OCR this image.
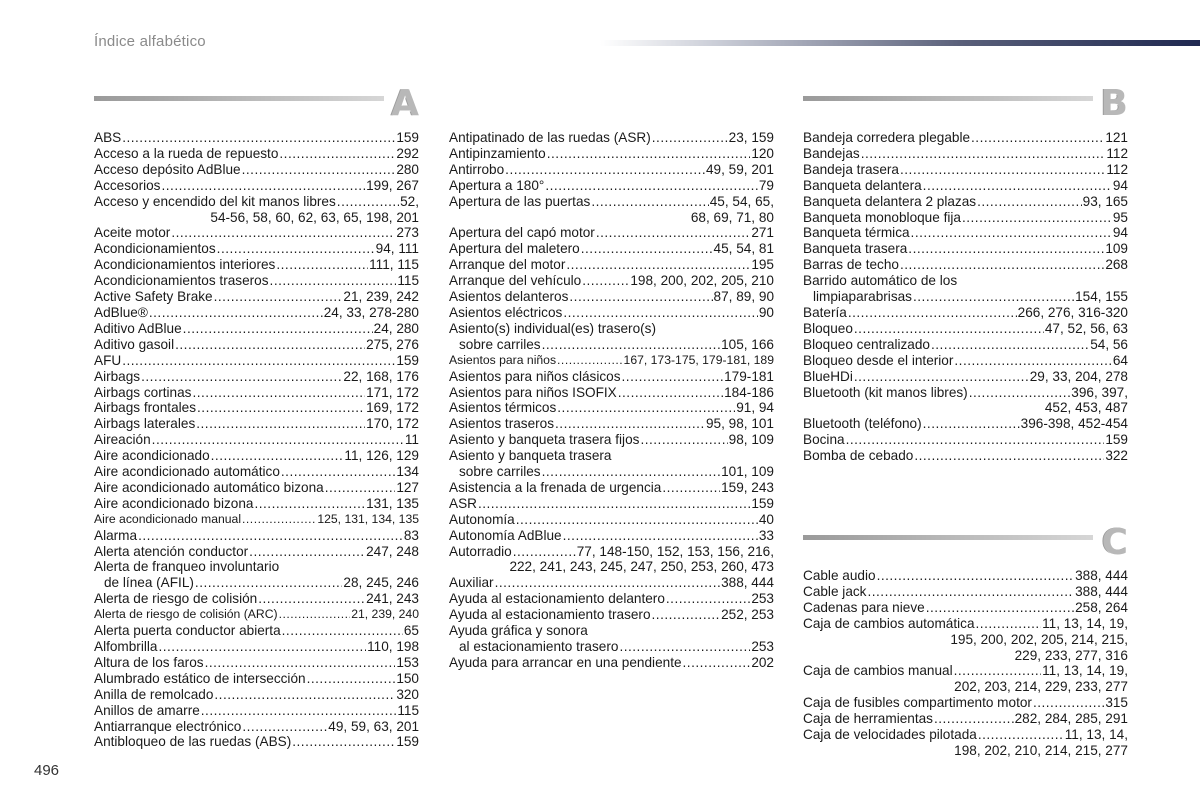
Índice alfabético
A	B
C
ABS .....	159
Acceso a la rueda de repuesto .....	292
Acceso depósito AdBlue .....	280
Accesorios .....	199, 267
Acceso y encendido del kit manos libres .....	52,
54-56, 58, 60, 62, 63, 65, 198, 201
Aceite motor .....	273
Acondicionamientos .....	94, 111
Acondicionamientos interiores .....	111, 115
Acondicionamientos traseros .....	115
Active Safety Brake .....	21, 239, 242
AdBlue® .....	24, 33, 278-280
Aditivo AdBlue .....	24, 280
Aditivo gasoil .....	275, 276
AFU .....	159
Airbags .....	22, 168, 176
Airbags cortinas .....	171, 172
Airbags frontales .....	169, 172
Airbags laterales .....	170, 172
Aireación .....	11
Aire acondicionado .....	11, 126, 129
Aire acondicionado automático .....	134
Aire acondicionado automático bizona .....	127
Aire acondicionado bizona .....	131, 135
Aire acondicionado manual .....	125, 131, 134, 135
Alarma .....	83
Alerta atención conductor .....	247, 248
Alerta de franqueo involuntario
de línea (AFIL) .....	28, 245, 246
Alerta de riesgo de colisión .....	241, 243
Alerta de riesgo de colisión (ARC) .....	21, 239, 240
Alerta puerta conductor abierta .....	65
Alfombrilla .....	110, 198
Altura de los faros .....	153
Alumbrado estático de intersección .....	150
Anilla de remolcado .....	320
Anillos de amarre .....	115
Antiarranque electrónico .....	49, 59, 63, 201
Antibloqueo de las ruedas (ABS) .....	159
Antipatinado de las ruedas (ASR) .....	23, 159
Antipinzamiento .....	120
Antirrobo .....	49, 59, 201
Apertura a 180° .....	79
Apertura de las puertas .....	45, 54, 65,
68, 69, 71, 80
Apertura del capó motor .....	271
Apertura del maletero .....	45, 54, 81
Arranque del motor .....	195
Arranque del vehículo .....	198, 200, 202, 205, 210
Asientos delanteros .....	87, 89, 90
Asientos eléctricos .....	90
Asiento(s) individual(es) trasero(s)
sobre carriles .....	105, 166
Asientos para niños .....	167, 173-175, 179-181, 189
Asientos para niños clásicos .....	179-181
Asientos para niños ISOFIX .....	184-186
Asientos térmicos .....	91, 94
Asientos traseros .....	95, 98, 101
Asiento y banqueta trasera fijos .....	98, 109
Asiento y banqueta trasera
sobre carriles .....	101, 109
Asistencia a la frenada de urgencia .....	159, 243
ASR .....	159
Autonomía .....	40
Autonomía AdBlue .....	33
Autorradio .....	77, 148-150, 152, 153, 156, 216,
222, 241, 243, 245, 247, 250, 253, 260, 473
Auxiliar .....	388, 444
Ayuda al estacionamiento delantero .....	253
Ayuda al estacionamiento trasero .....	252, 253
Ayuda gráfica y sonora
al estacionamiento trasero .....	253
Ayuda para arrancar en una pendiente .....	202
Bandeja corredera plegable .....	121
Bandejas .....	112
Bandeja trasera .....	112
Banqueta delantera .....	94
Banqueta delantera 2 plazas .....	93, 165
Banqueta monobloque fija .....	95
Banqueta térmica .....	94
Banqueta trasera .....	109
Barras de techo .....	268
Barrido automático de los
limpiaparabrisas .....	154, 155
Batería .....	266, 276, 316-320
Bloqueo .....	47, 52, 56, 63
Bloqueo centralizado .....	54, 56
Bloqueo desde el interior .....	64
BlueHDi .....	29, 33, 204, 278
Bluetooth (kit manos libres) .....	396, 397,
452, 453, 487
Bluetooth (teléfono) .....	396-398, 452-454
Bocina .....	159
Bomba de cebado .....	322
Cable audio .....	388, 444
Cable jack .....	388, 444
Cadenas para nieve .....	258, 264
Caja de cambios automática .....	11, 13, 14, 19,
195, 200, 202, 205, 214, 215,
229, 233, 277, 316
Caja de cambios manual .....	11, 13, 14, 19,
202, 203, 214, 229, 233, 277
Caja de fusibles compartimento motor .....	315
Caja de herramientas .....	282, 284, 285, 291
Caja de velocidades pilotada .....	11, 13, 14,
198, 202, 210, 214, 215, 277
496
